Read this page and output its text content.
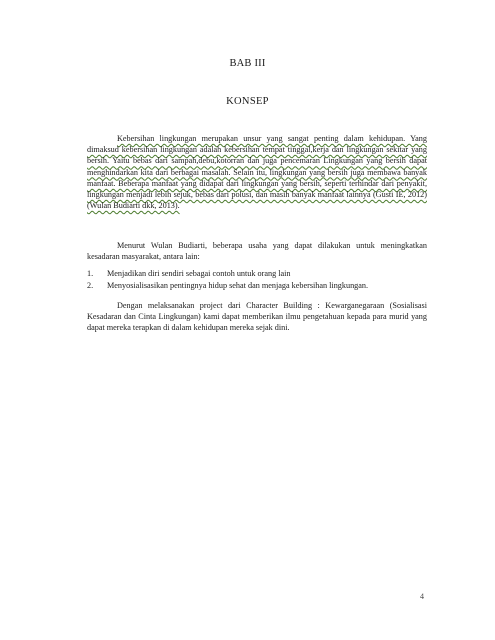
BAB III
KONSEP

Kebersihan lingkungan merupakan unsur yang sangat penting dalam kehidupan. Yang dimaksud kebersihan lingkungan adalah kebersihan tempat tinggal,kerja dan lingkungan sekitar yang bersih. Yaitu bebas dari sampah,debu,kotorran dan juga pencemaran Lingkungan yang bersih dapat menghindarkan kita dari berbagai masalah. Selain itu, lingkungan yang bersih juga membawa banyak manfaat. Beberapa manfaat yang didapat dari lingkungan yang bersih, seperti terhindar dari penyakit, lingkungan menjadi lebih sejuk, bebas dari polusi, dan masih banyak manfaat lainnya (Gusti IE, 2012) (Wulan Budiarti dkk, 2013).

Menurut Wulan Budiarti, beberapa usaha yang dapat dilakukan untuk meningkatkan kesadaran masyarakat, antara lain:

1.	Menjadikan diri sendiri sebagai contoh untuk orang lain
2.	Menyosialisasikan pentingnya hidup sehat dan menjaga kebersihan lingkungan.

Dengan melaksanakan project dari Character Building : Kewarganegaraan (Sosialisasi Kesadaran dan Cinta Lingkungan) kami dapat memberikan ilmu pengetahuan kepada para murid yang dapat mereka terapkan di dalam kehidupan mereka sejak dini.

4
